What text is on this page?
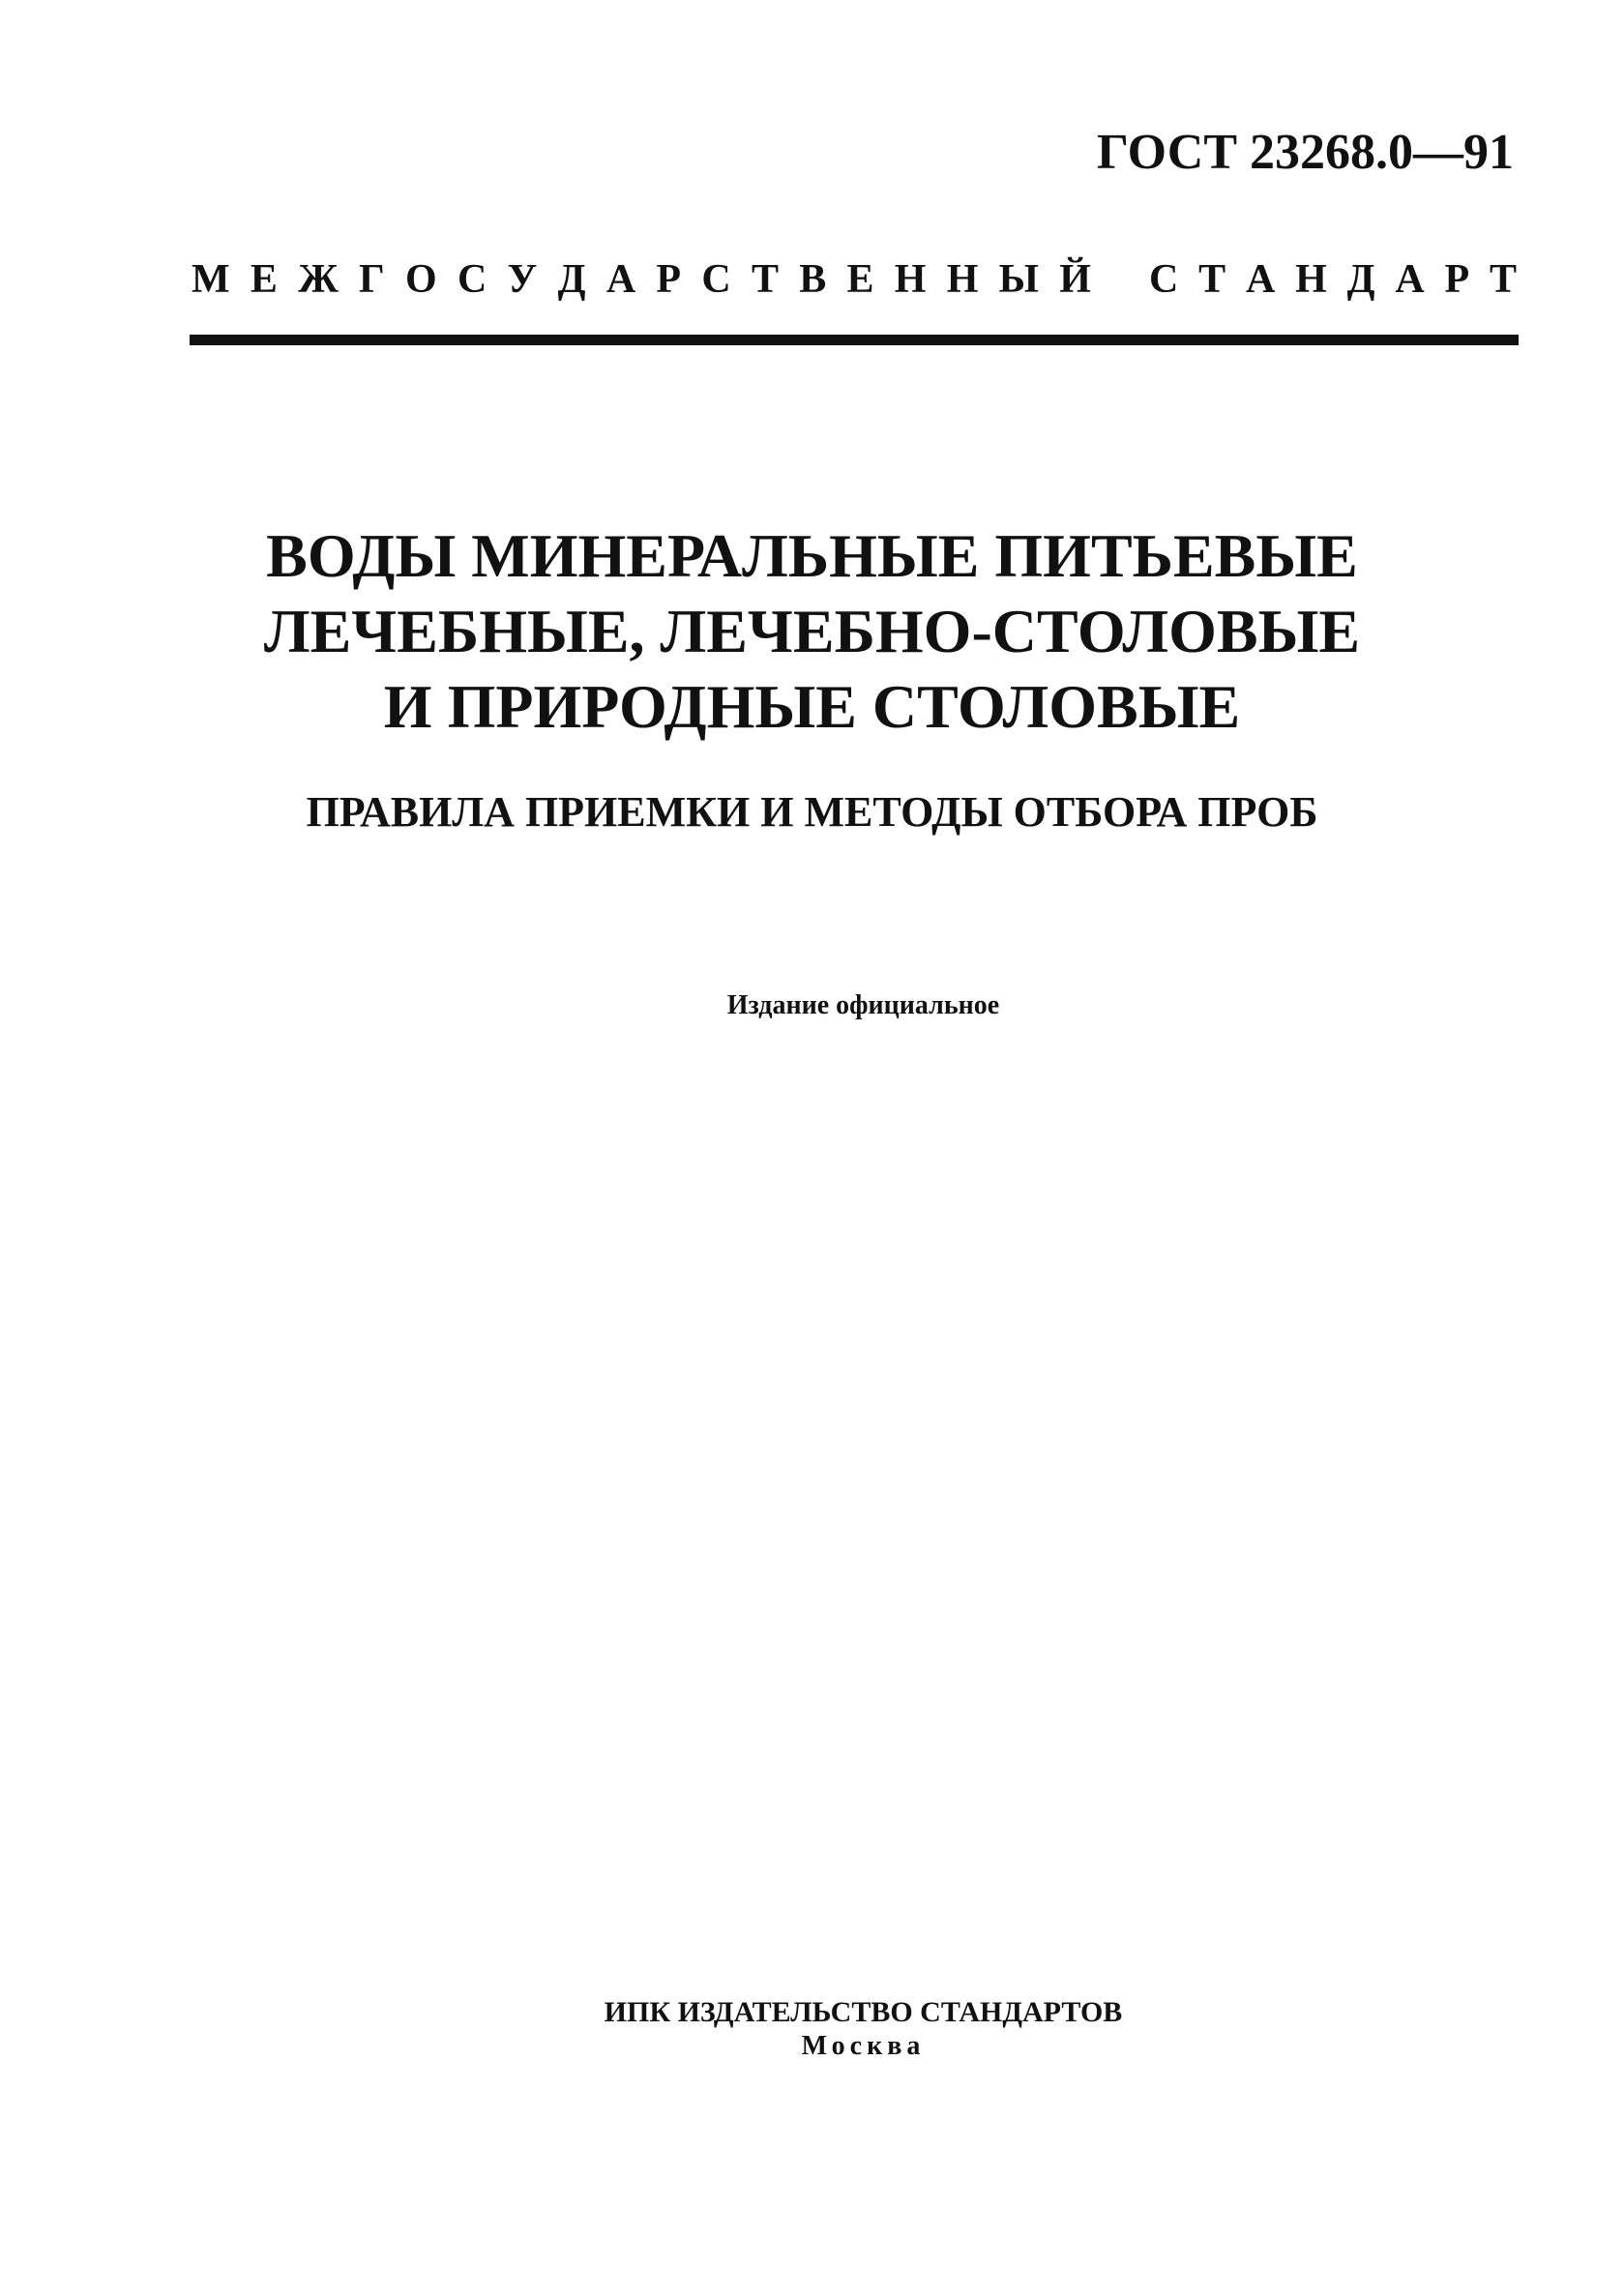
ГОСТ 23268.0—91
М Е Ж Г О С У Д А Р С Т В Е Н Н Ы Й С Т А Н Д А Р Т
ВОДЫ МИНЕРАЛЬНЫЕ ПИТЬЕВЫЕ
ЛЕЧЕБНЫЕ, ЛЕЧЕБНО-СТОЛОВЫЕ
И ПРИРОДНЫЕ СТОЛОВЫЕ
ПРАВИЛА ПРИЕМКИ И МЕТОДЫ ОТБОРА ПРОБ
Издание официальное
ИПК ИЗДАТЕЛЬСТВО СТАНДАРТОВ
Москва
